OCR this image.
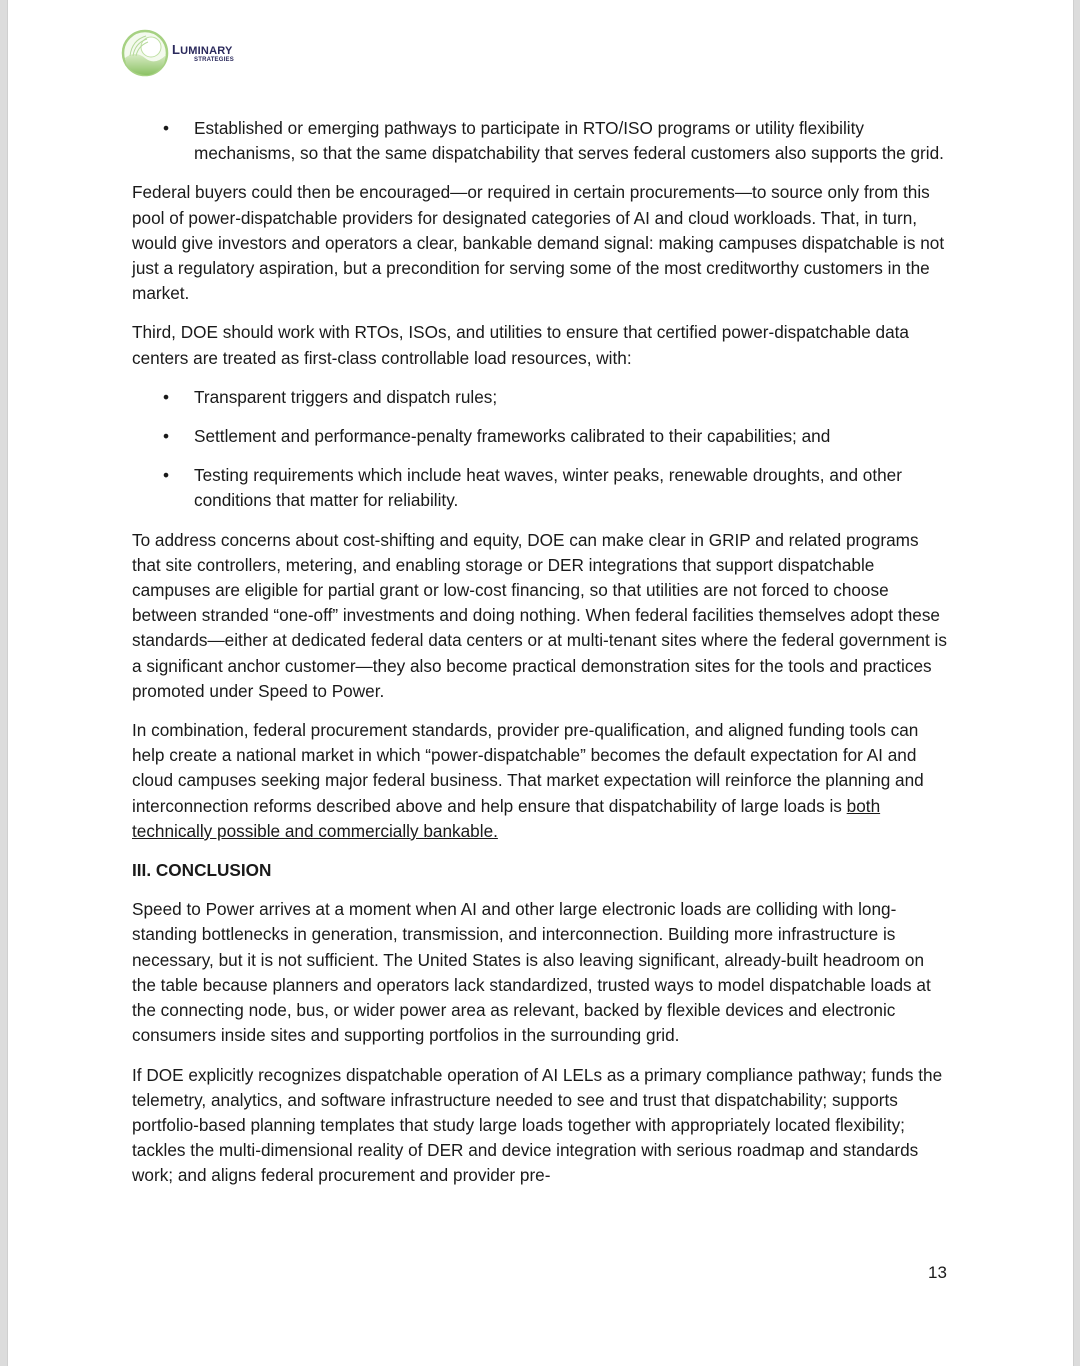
LUMINARY
STRATEGIES
• Established or emerging pathways to participate in RTO/ISO programs or utility flexibility mechanisms, so that the same dispatchability that serves federal customers also supports the grid.

Federal buyers could then be encouraged—or required in certain procurements—to source only from this pool of power-dispatchable providers for designated categories of AI and cloud workloads. That, in turn, would give investors and operators a clear, bankable demand signal: making campuses dispatchable is not just a regulatory aspiration, but a precondition for serving some of the most creditworthy customers in the market.

Third, DOE should work with RTOs, ISOs, and utilities to ensure that certified power-dispatchable data centers are treated as first-class controllable load resources, with:

• Transparent triggers and dispatch rules;
• Settlement and performance-penalty frameworks calibrated to their capabilities; and
• Testing requirements which include heat waves, winter peaks, renewable droughts, and other conditions that matter for reliability.

To address concerns about cost-shifting and equity, DOE can make clear in GRIP and related programs that site controllers, metering, and enabling storage or DER integrations that support dispatchable campuses are eligible for partial grant or low-cost financing, so that utilities are not forced to choose between stranded “one-off” investments and doing nothing. When federal facilities themselves adopt these standards—either at dedicated federal data centers or at multi-tenant sites where the federal government is a significant anchor customer—they also become practical demonstration sites for the tools and practices promoted under Speed to Power.

In combination, federal procurement standards, provider pre-qualification, and aligned funding tools can help create a national market in which “power-dispatchable” becomes the default expectation for AI and cloud campuses seeking major federal business. That market expectation will reinforce the planning and interconnection reforms described above and help ensure that dispatchability of large loads is both technically possible and commercially bankable.

III. CONCLUSION

Speed to Power arrives at a moment when AI and other large electronic loads are colliding with long-standing bottlenecks in generation, transmission, and interconnection. Building more infrastructure is necessary, but it is not sufficient. The United States is also leaving significant, already-built headroom on the table because planners and operators lack standardized, trusted ways to model dispatchable loads at the connecting node, bus, or wider power area as relevant, backed by flexible devices and electronic consumers inside sites and supporting portfolios in the surrounding grid.

If DOE explicitly recognizes dispatchable operation of AI LELs as a primary compliance pathway; funds the telemetry, analytics, and software infrastructure needed to see and trust that dispatchability; supports portfolio-based planning templates that study large loads together with appropriately located flexibility; tackles the multi-dimensional reality of DER and device integration with serious roadmap and standards work; and aligns federal procurement and provider pre-

13
